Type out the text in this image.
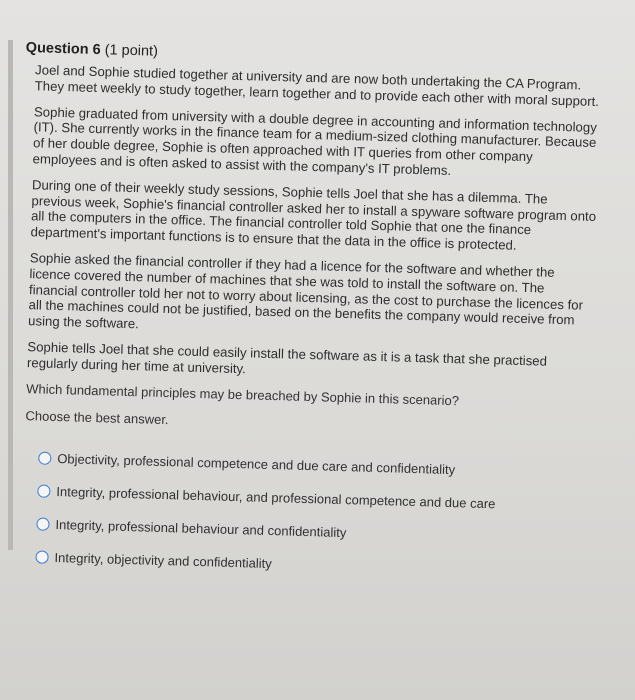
Question 6 (1 point)

Joel and Sophie studied together at university and are now both undertaking the CA Program. They meet weekly to study together, learn together and to provide each other with moral support.

Sophie graduated from university with a double degree in accounting and information technology (IT). She currently works in the finance team for a medium-sized clothing manufacturer. Because of her double degree, Sophie is often approached with IT queries from other company employees and is often asked to assist with the company's IT problems.

During one of their weekly study sessions, Sophie tells Joel that she has a dilemma. The previous week, Sophie's financial controller asked her to install a spyware software program onto all the computers in the office. The financial controller told Sophie that one the finance department's important functions is to ensure that the data in the office is protected.

Sophie asked the financial controller if they had a licence for the software and whether the licence covered the number of machines that she was told to install the software on. The financial controller told her not to worry about licensing, as the cost to purchase the licences for all the machines could not be justified, based on the benefits the company would receive from using the software.

Sophie tells Joel that she could easily install the software as it is a task that she practised regularly during her time at university.

Which fundamental principles may be breached by Sophie in this scenario?
Choose the best answer.
Objectivity, professional competence and due care and confidentiality
Integrity, professional behaviour, and professional competence and due care
Integrity, professional behaviour and confidentiality
Integrity, objectivity and confidentiality
